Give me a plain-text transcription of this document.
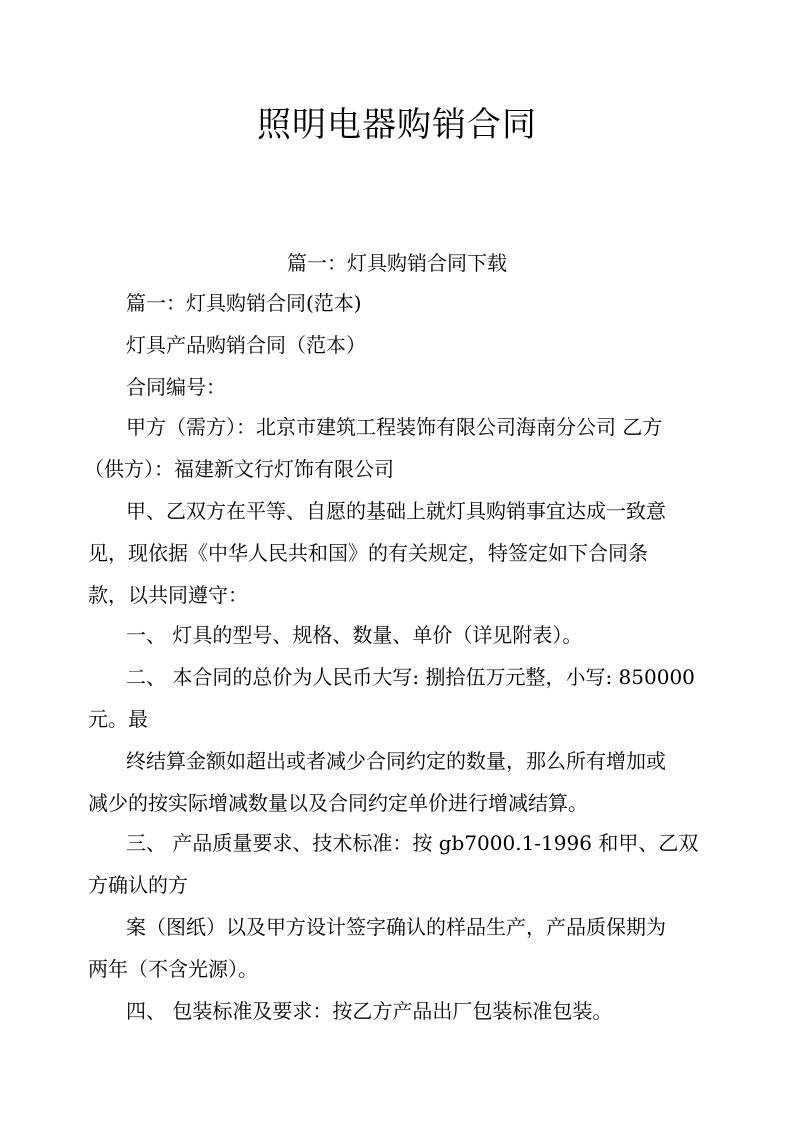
照明电器购销合同
篇一：灯具购销合同下载

篇一：灯具购销合同(范本)

灯具产品购销合同（范本）

合同编号：

甲方（需方）：北京市建筑工程装饰有限公司海南分公司 乙方

（供方）：福建新文行灯饰有限公司

甲、乙双方在平等、自愿的基础上就灯具购销事宜达成一致意

见，现依据《中华人民共和国》的有关规定，特签定如下合同条

款，以共同遵守：

一、 灯具的型号、规格、数量、单价（详见附表）。

二、 本合同的总价为人民币大写: 捌拾伍万元整，小写: 850000

元。最

终结算金额如超出或者减少合同约定的数量，那么所有增加或

减少的按实际增减数量以及合同约定单价进行增减结算。

三、 产品质量要求、技术标准：按 gb7000.1-1996 和甲、乙双

方确认的方

案（图纸）以及甲方设计签字确认的样品生产，产品质保期为

两年（不含光源）。

四、 包装标准及要求：按乙方产品出厂包装标准包装。
